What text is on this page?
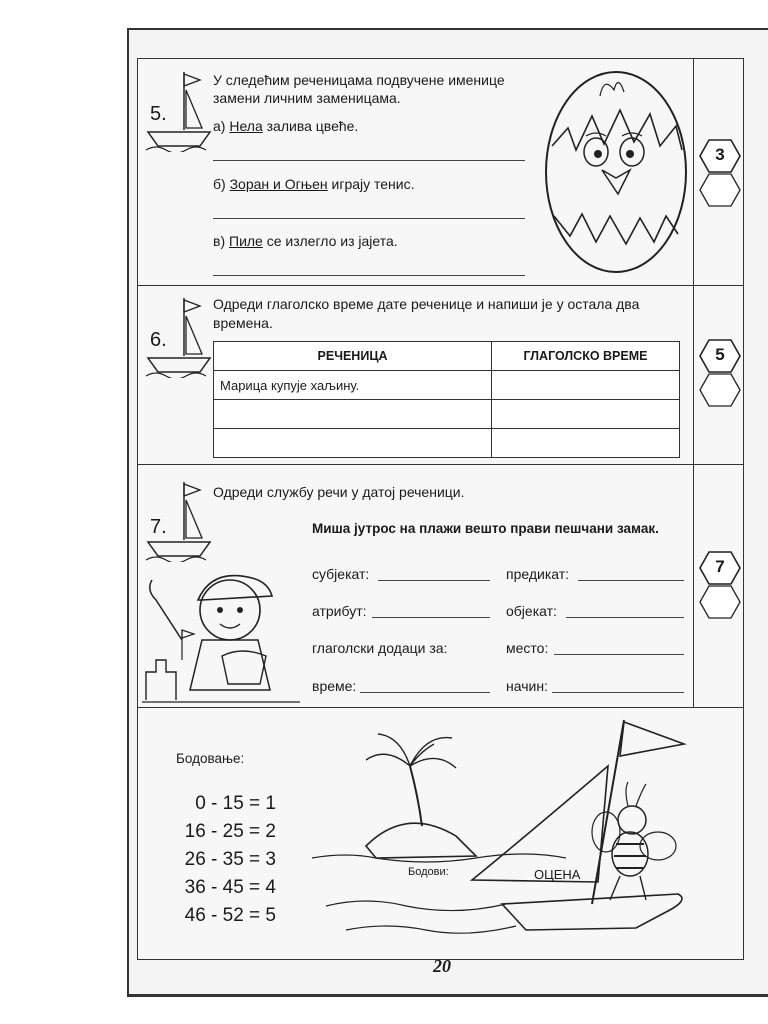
5.
У следећим реченицама подвучене именице
замени личним заменицама.
а) Нела залива цвеће.
б) Зоран и Огњен играју тенис.
в) Пиле се излегло из јајета.
3
6.
Одреди глаголско време дате реченице и напиши је у остала два
времена.
РЕЧЕНИЦА	ГЛАГОЛСКО ВРЕМЕ
Марица купује хаљину.	

5
7.
Одреди службу речи у датој реченици.
Миша јутрос на плажи вешто прави пешчани замак.
субјекат:	предикат:
атрибут:	објекат:
глаголски додаци за:	место:
време:	начин:
7
Бодовање:
0 - 15 = 1
16 - 25 = 2
26 - 35 = 3
36 - 45 = 4
46 - 52 = 5
Бодови:	ОЦЕНА
20
